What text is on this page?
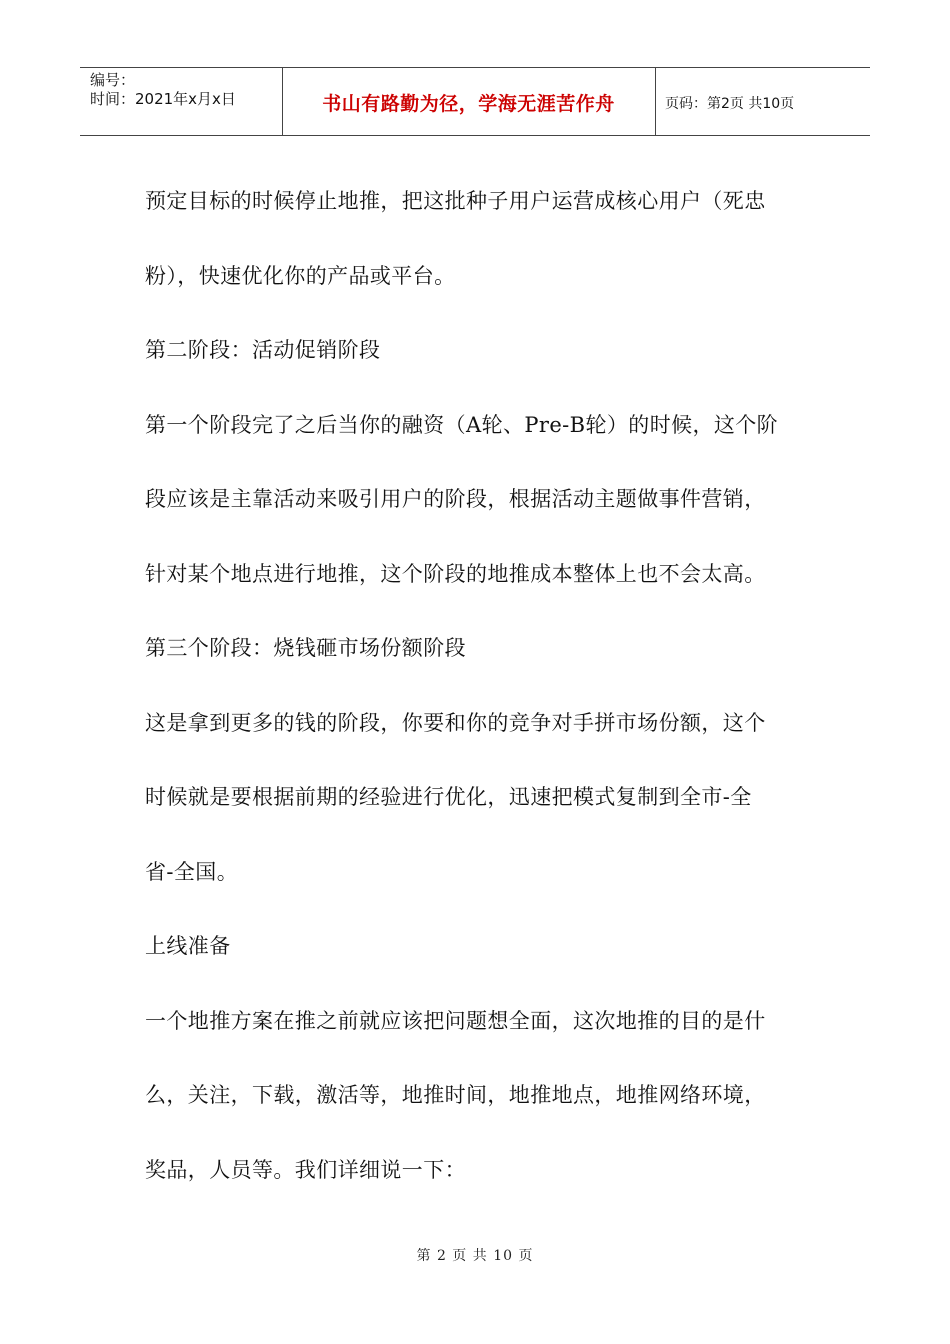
编号：
时间：2021年x月x日	书山有路勤为径，学海无涯苦作舟	页码：第2页 共10页

预定目标的时候停止地推，把这批种子用户运营成核心用户（死忠

粉），快速优化你的产品或平台。

第二阶段：活动促销阶段

第一个阶段完了之后当你的融资（A轮、Pre-B轮）的时候，这个阶

段应该是主靠活动来吸引用户的阶段，根据活动主题做事件营销，

针对某个地点进行地推，这个阶段的地推成本整体上也不会太高。

第三个阶段：烧钱砸市场份额阶段

这是拿到更多的钱的阶段，你要和你的竞争对手拼市场份额，这个

时候就是要根据前期的经验进行优化，迅速把模式复制到全市-全

省-全国。

上线准备

一个地推方案在推之前就应该把问题想全面，这次地推的目的是什

么，关注，下载，激活等，地推时间，地推地点，地推网络环境，

奖品，人员等。我们详细说一下：

第 2 页 共 10 页
